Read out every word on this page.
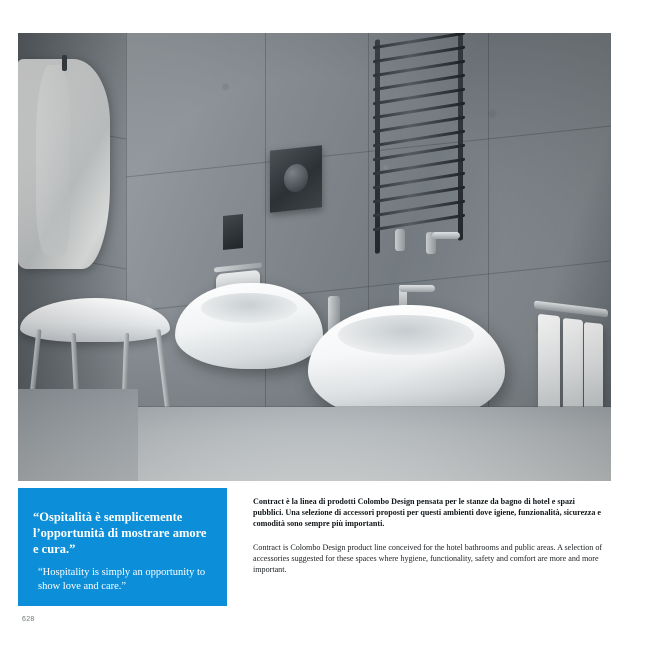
“Ospitalità è semplicemente l’opportunità di mostrare amore e cura.”
“Hospitality is simply an opportunity to show love and care.”

Contract è la linea di prodotti Colombo Design pensata per le stanze da bagno di hotel e spazi pubblici. Una selezione di accessori proposti per questi ambienti dove igiene, funzionalità, sicurezza e comodità sono sempre più importanti.

Contract is Colombo Design product line conceived for the hotel bathrooms and public areas. A selection of accessories suggested for these spaces where hygiene, functionality, safety and comfort are more and more important.

628
